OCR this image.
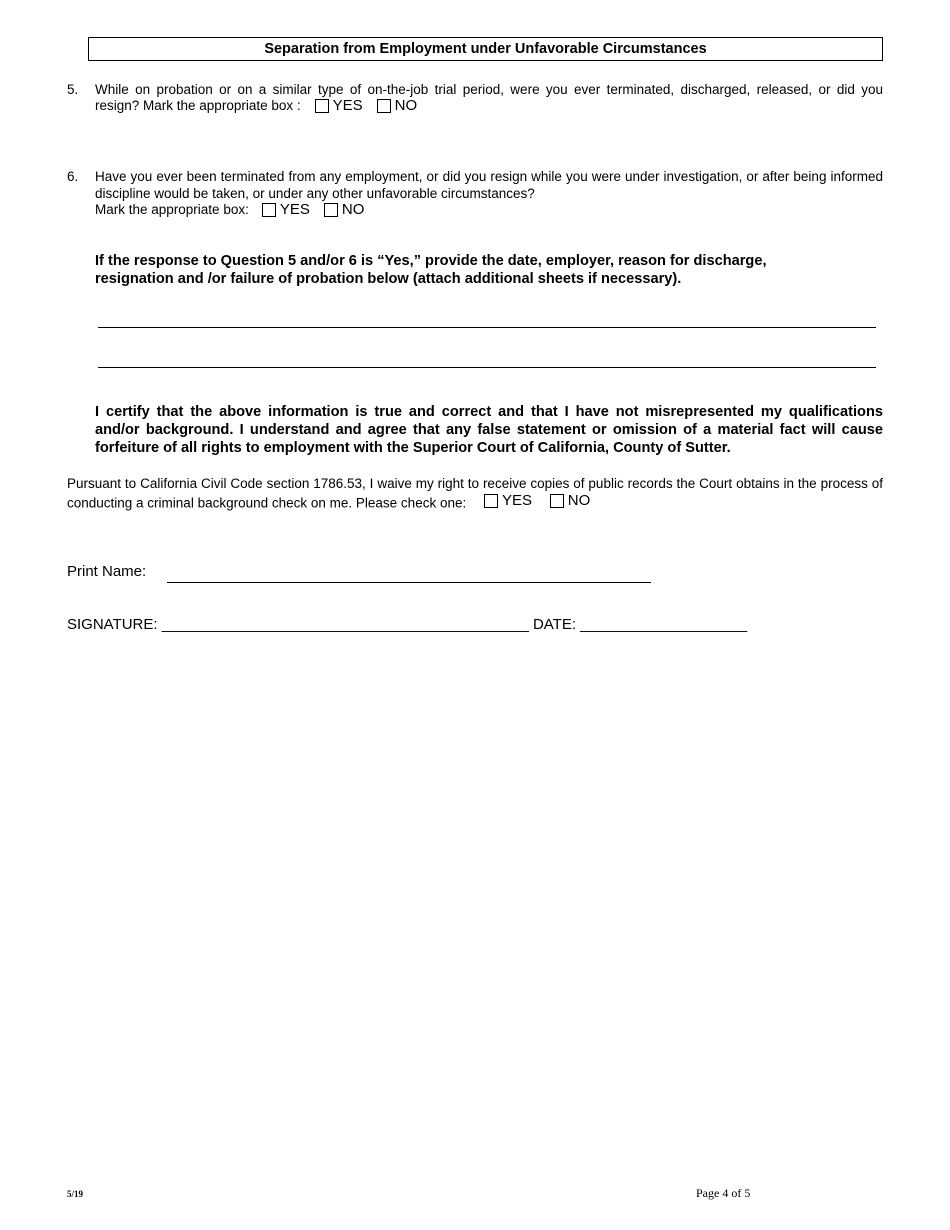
Separation from Employment under Unfavorable Circumstances
5. While on probation or on a similar type of on-the-job trial period, were you ever terminated, discharged, released, or did you
resign? Mark the appropriate box : YES NO
6. Have you ever been terminated from any employment, or did you resign while you were under investigation, or after being informed discipline would be taken, or under any other unfavorable circumstances?
Mark the appropriate box: YES NO
If the response to Question 5 and/or 6 is “Yes,” provide the date, employer, reason for discharge, resignation and /or failure of probation below (attach additional sheets if necessary).
I certify that the above information is true and correct and that I have not misrepresented my qualifications and/or background. I understand and agree that any false statement or omission of a material fact will cause forfeiture of all rights to employment with the Superior Court of California, County of Sutter.
Pursuant to California Civil Code section 1786.53, I waive my right to receive copies of public records the Court obtains in the process of conducting a criminal background check on me. Please check one: YES
NO
Print Name:
SIGNATURE: ____________________________________________ DATE: ____________________
5/19	Page 4 of 5
